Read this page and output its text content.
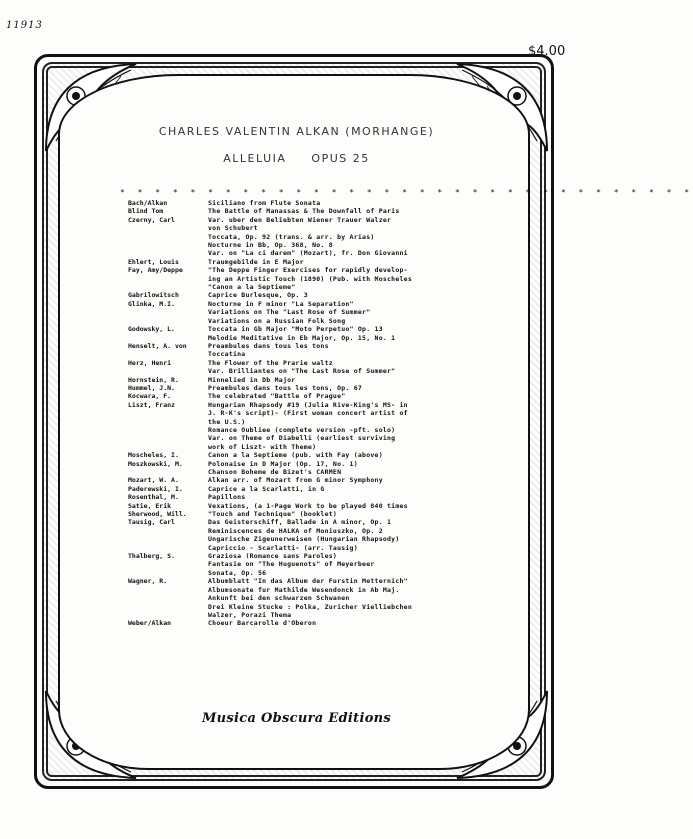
11913
$4.00
CHARLES VALENTIN ALKAN (MORHANGE)
ALLELUIA OPUS 25
* * * * * * * * * * * * * * * * * * * * * * * * * * * * * * * * *
Bach/Alkan	Siciliano from Flute Sonata
Blind Tom	The Battle of Manassas & The Downfall of Paris
Czerny, Carl	Var. uber den Beliebten Wiener Trauer Walzer
von Schubert
Toccata, Op. 92 (trans. & arr. by Arias)
Nocturne in Bb, Op. 368, No. 8
Var. on "La ci darem" (Mozart), fr. Don Giovanni
Ehlert, Louis	Traumgebilde in E Major
Fay, Amy/Deppe	"The Deppe Finger Exercises for rapidly develop-
ing an Artistic Touch (1890) (Pub. with Moscheles
"Canon a la Septieme"
Gabrilowitsch	Caprice Burlesque, Op. 3
Glinka, M.I.	Nocturne in F minor "La Separation"
Variations on The "Last Rose of Summer"
Variations on a Russian Folk Song
Godowsky, L.	Toccata in Gb Major "Moto Perpetuo" Op. 13
Melodie Meditative in Eb Major, Op. 15, No. 1
Henselt, A. von	Preambules dans tous les tons
Toccatina
Herz, Henri	The Flower of the Prarie waltz
Var. Brilliantes on "The Last Rose of Summer"
Hornstein, R.	Minnelied in Db Major
Hummel, J.N.	Preambules dans tous les tons, Op. 67
Kocwara, F.	The celebrated "Battle of Prague"
Liszt, Franz	Hungarian Rhapsody #19 (Julia Rive-King's MS- in
J. R-K's script)- (First woman concert artist of
the U.S.)
Romance Oubliee (complete version -pft. solo)
Var. on Theme of Diabelli (earliest surviving
work of Liszt- with Theme)
Moscheles, I.	Canon a la Septieme (pub. with Fay (above)
Moszkowski, M.	Polonaise in D Major (Op. 17, No. 1)
Chanson Boheme de Bizet's CARMEN
Mozart, W. A.	Alkan arr. of Mozart from G minor Symphony
Paderewski, I.	Caprice a la Scarlatti, in G
Rosenthal, M.	Papillons
Satie, Erik	Vexations, (a 1-Page Work to be played 840 times
Sherwood, Will.	"Touch and Technique" (booklet)
Tausig, Carl	Das Geisterschiff, Ballade in A minor, Op. 1
Reminiscences de HALKA of Moniuszko, Op. 2
Ungarische Zigeunerweisen (Hungarian Rhapsody)
Capriccio - Scarlatti- (arr. Tausig)
Thalberg, S.	Graziosa (Romance sans Paroles)
Fantasie on "The Huguenots" of Meyerbeer
Sonata, Op. 56
Wagner, R.	Albumblatt "In das Album der Furstin Metternich"
Albumsonate fur Mathilde Wesendonck in Ab Maj.
Ankunft bei den schwarzen Schwanen
Drei Kleine Stucke : Polka, Zuricher Vielliebchen
Walzer, Porazi Thema
Weber/Alkan	Choeur Barcarolle d'Oberon
Musica Obscura Editions
